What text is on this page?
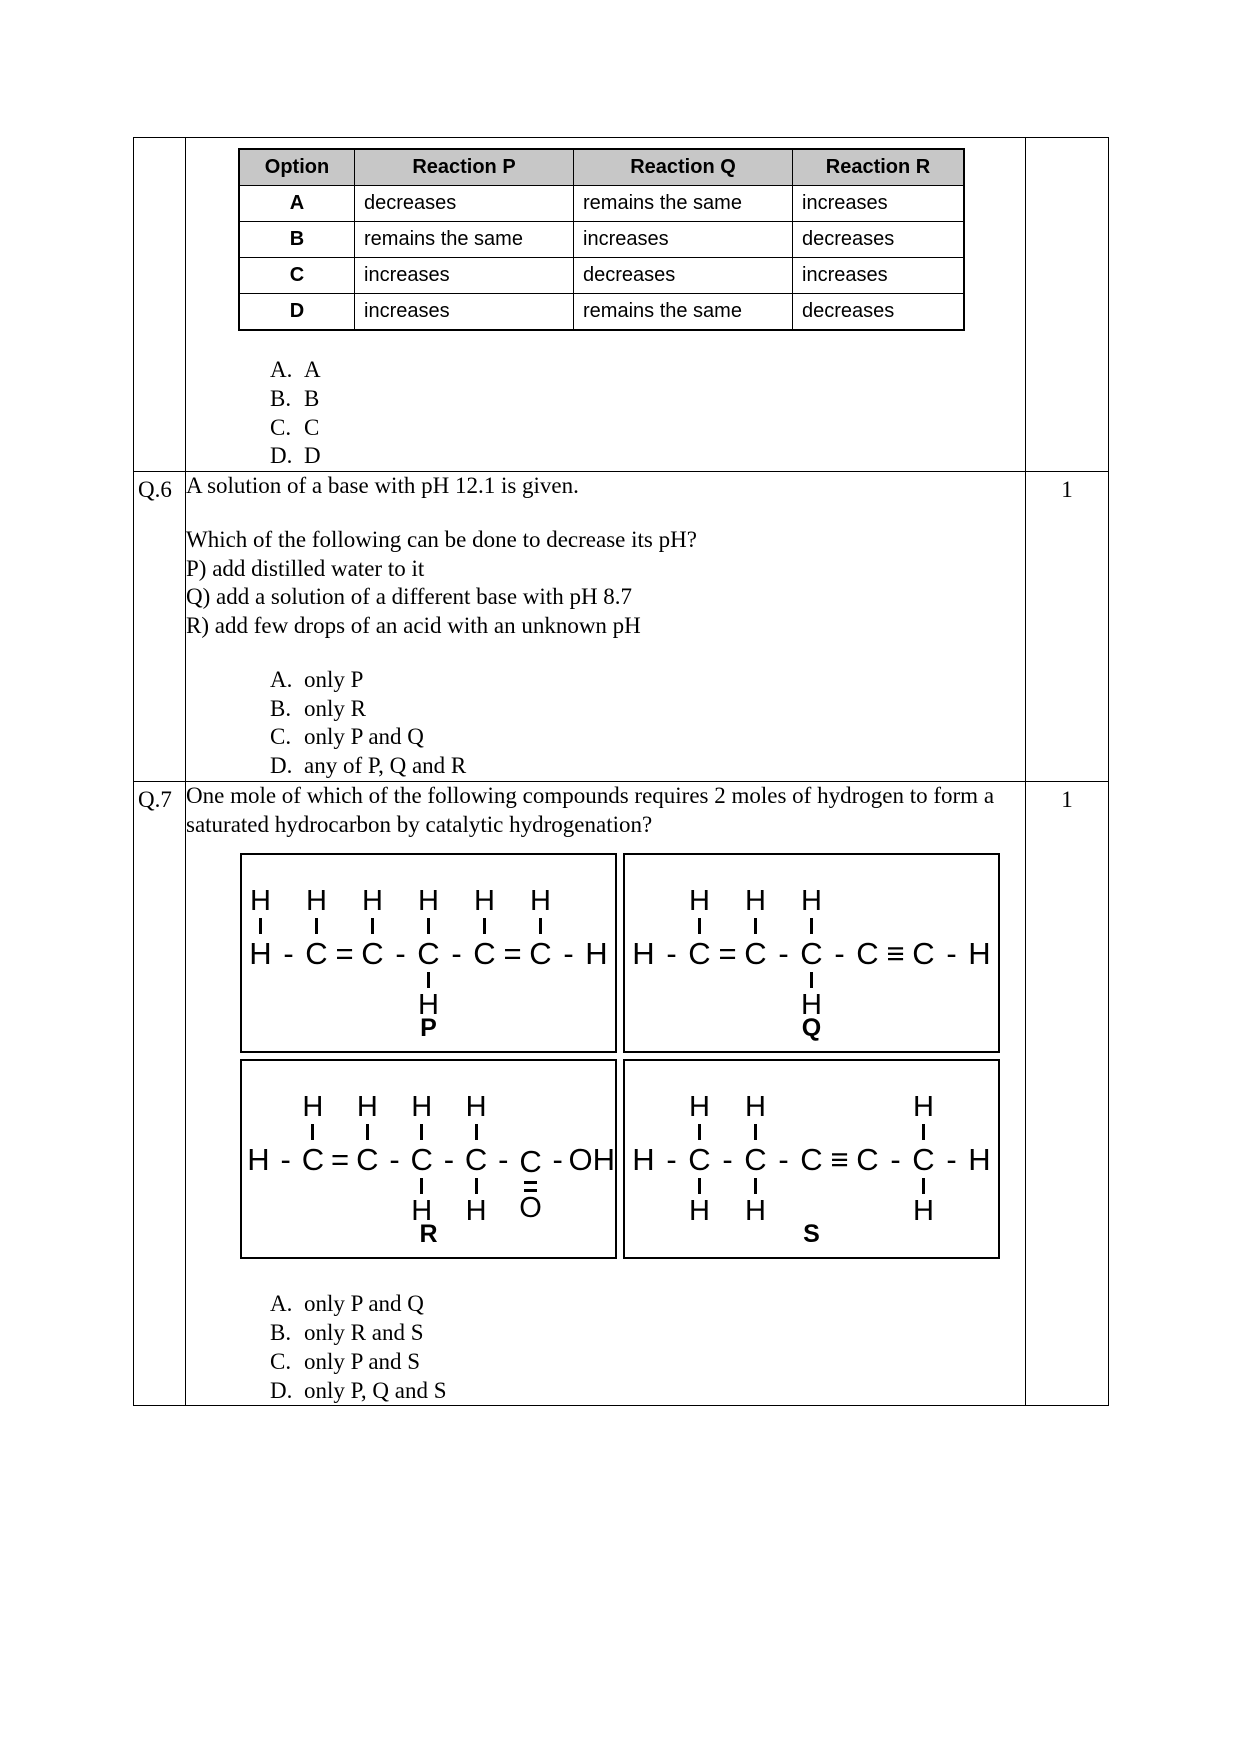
Option	Reaction P	Reaction Q	Reaction R
A	decreases	remains the same	increases
B	remains the same	increases	decreases
C	increases	decreases	increases
D	increases	remains the same	decreases
A. A
B. B
C. C
D. D

Q.6	A solution of a base with pH 12.1 is given.

Which of the following can be done to decrease its pH?

P) add distilled water to it

Q) add a solution of a different base with pH 8.7

R) add few drops of an acid with an unknown pH

A. only P
B. only R
C. only P and Q
D. any of P, Q and R

1

Q.7	One mole of which of the following compounds requires 2 moles of hydrogen to form a

saturated hydrocarbon by catalytic hydrogenation?

H
H -
H
C =
H
C -
H
C
H
-
H
C =
H
C - H
P
H -
H
C =
H
C -
H
C
H
- C ≡ C - H
Q
H -
H
C =
H
C -
H
C
H
-
H
C
H
- C
O
- OH
R
H -
H
C
H
-
H
C
H
- C ≡ C -
H
C
H
- H
S
A. only P and Q
B. only R and S
C. only P and S
D. only P, Q and S

1
